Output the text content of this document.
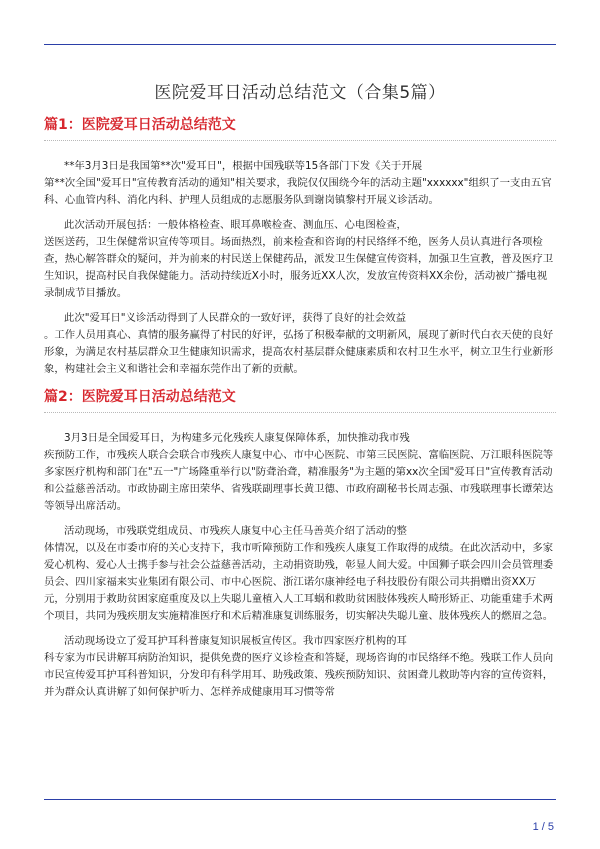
医院爱耳日活动总结范文（合集5篇）
篇1：医院爱耳日活动总结范文

**年3月3日是我国第**次"爱耳日"，根据中国残联等15各部门下发《关于开展

第**次全国"爱耳日"宣传教育活动的通知"相关要求，我院仅仅围绕今年的活动主题"xxxxxx"组织了一支由五官科、心血管内科、消化内科、护理人员组成的志愿服务队到谢岗镇黎村开展义诊活动。

此次活动开展包括：一般体格检查、眼耳鼻喉检查、测血压、心电图检查，

送医送药，卫生保健常识宣传等项目。场面热烈，前来检查和咨询的村民络绎不绝，医务人员认真进行各项检查，热心解答群众的疑问，并为前来的村民送上保健药品，派发卫生保健宣传资料，加强卫生宣教，普及医疗卫生知识，提高村民自我保健能力。活动持续近X小时，服务近XX人次，发放宣传资料XX余份，活动被广播电视录制成节目播放。

此次"爱耳日"义诊活动得到了人民群众的一致好评，获得了良好的社会效益

。工作人员用真心、真情的服务赢得了村民的好评，弘扬了积极奉献的文明新风，展现了新时代白衣天使的良好形象，为满足农村基层群众卫生健康知识需求，提高农村基层群众健康素质和农村卫生水平，树立卫生行业新形象，构建社会主义和谐社会和幸福东莞作出了新的贡献。

篇2：医院爱耳日活动总结范文

3月3日是全国爱耳日，为构建多元化残疾人康复保障体系，加快推动我市残

疾预防工作，市残疾人联合会联合市残疾人康复中心、市中心医院、市第三民医院、富临医院、万江眼科医院等多家医疗机构和部门在"五一"广场隆重举行以"防聋治聋，精准服务"为主题的第xx次全国"爱耳日"宣传教育活动和公益慈善活动。市政协副主席田荣华、省残联副理事长黄卫德、市政府副秘书长周志强、市残联理事长谭荣达等领导出席活动。

活动现场，市残联党组成员、市残疾人康复中心主任马善英介绍了活动的整

体情况，以及在市委市府的关心支持下，我市听障预防工作和残疾人康复工作取得的成绩。在此次活动中，多家爱心机构、爱心人士携手参与社会公益慈善活动，主动捐资助残，彰显人间大爱。中国狮子联会四川会员管理委员会、四川家福来实业集团有限公司、市中心医院、浙江诺尔康神经电子科技股份有限公司共捐赠出资XX万元，分别用于救助贫困家庭重度及以上失聪儿童植入人工耳蜗和救助贫困肢体残疾人畸形矫正、功能重建手术两个项目，共同为残疾朋友实施精准医疗和术后精准康复训练服务，切实解决失聪儿童、肢体残疾人的燃眉之急。

活动现场设立了爱耳护耳科普康复知识展板宣传区。我市四家医疗机构的耳

科专家为市民讲解耳病防治知识，提供免费的医疗义诊检查和答疑，现场咨询的市民络绎不绝。残联工作人员向市民宣传爱耳护耳科普知识，分发印有科学用耳、助残政策、残疾预防知识、贫困聋儿救助等内容的宣传资料，并为群众认真讲解了如何保护听力、怎样养成健康用耳习惯等常

1 / 5
